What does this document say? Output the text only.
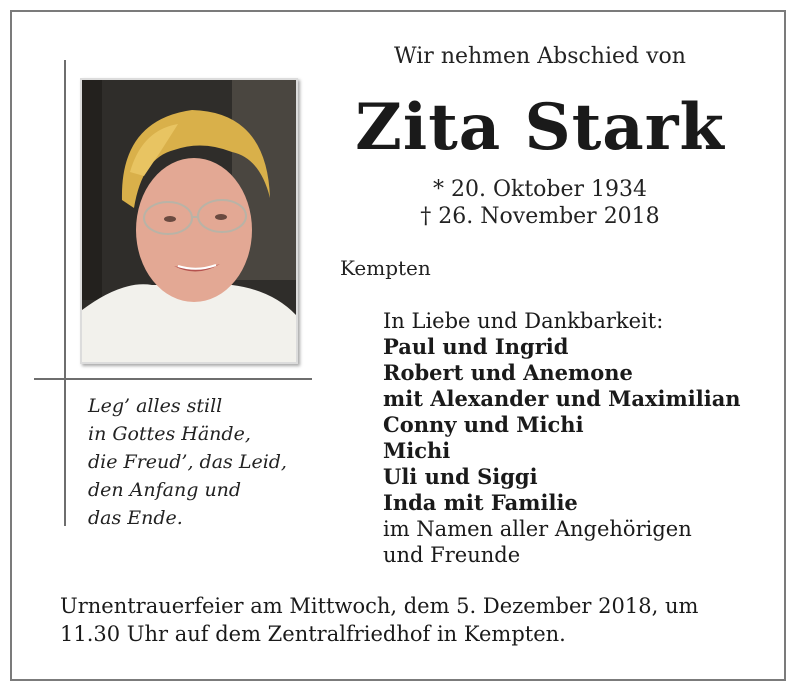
Leg’ alles still
in Gottes Hände,
die Freud’, das Leid,
den Anfang und
das Ende.
Wir nehmen Abschied von
Zita Stark
* 20. Oktober 1934
† 26. November 2018
Kempten
In Liebe und Dankbarkeit:
Paul und Ingrid
Robert und Anemone
mit Alexander und Maximilian
Conny und Michi
Michi
Uli und Siggi
Inda mit Familie
im Namen aller Angehörigen
und Freunde
Urnentrauerfeier am Mittwoch, dem 5. Dezember 2018, um
11.30 Uhr auf dem Zentralfriedhof in Kempten.
